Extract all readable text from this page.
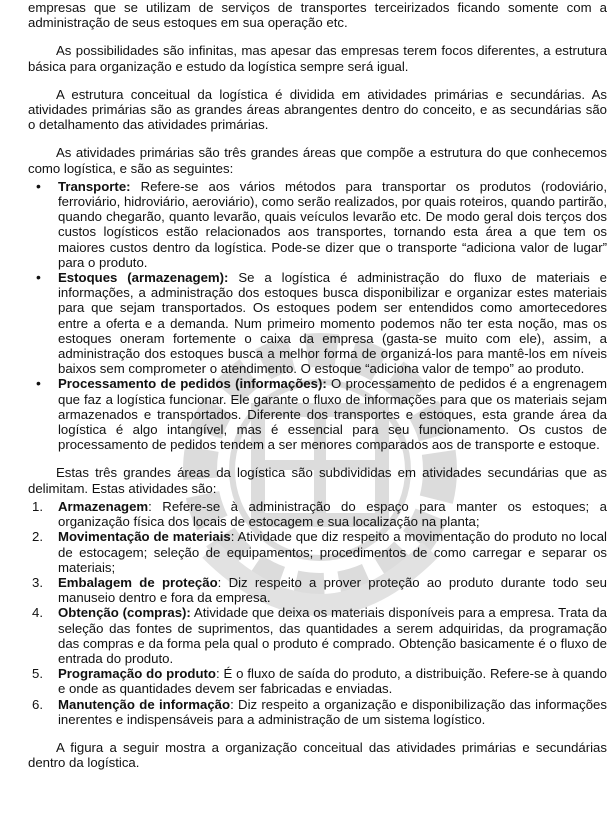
empresas que se utilizam de serviços de transportes terceirizados ficando somente com a administração de seus estoques em sua operação etc.

As possibilidades são infinitas, mas apesar das empresas terem focos diferentes, a estrutura básica para organização e estudo da logística sempre será igual.

A estrutura conceitual da logística é dividida em atividades primárias e secundárias. As atividades primárias são as grandes áreas abrangentes dentro do conceito, e as secundárias são o detalhamento das atividades primárias.

As atividades primárias são três grandes áreas que compõe a estrutura do que conhecemos como logística, e são as seguintes:

• Transporte: Refere-se aos vários métodos para transportar os produtos (rodoviário, ferroviário, hidroviário, aeroviário), como serão realizados, por quais roteiros, quando partirão, quando chegarão, quanto levarão, quais veículos levarão etc. De modo geral dois terços dos custos logísticos estão relacionados aos transportes, tornando esta área a que tem os maiores custos dentro da logística. Pode-se dizer que o transporte “adiciona valor de lugar” para o produto.
• Estoques (armazenagem): Se a logística é administração do fluxo de materiais e informações, a administração dos estoques busca disponibilizar e organizar estes materiais para que sejam transportados. Os estoques podem ser entendidos como amortecedores entre a oferta e a demanda. Num primeiro momento podemos não ter esta noção, mas os estoques oneram fortemente o caixa da empresa (gasta-se muito com ele), assim, a administração dos estoques busca a melhor forma de organizá-los para mantê-los em níveis baixos sem comprometer o atendimento. O estoque “adiciona valor de tempo” ao produto.
• Processamento de pedidos (informações): O processamento de pedidos é a engrenagem que faz a logística funcionar. Ele garante o fluxo de informações para que os materiais sejam armazenados e transportados. Diferente dos transportes e estoques, esta grande área da logística é algo intangível, mas é essencial para seu funcionamento. Os custos de processamento de pedidos tendem a ser menores comparados aos de transporte e estoque.

Estas três grandes áreas da logística são subdivididas em atividades secundárias que as delimitam. Estas atividades são:

1. Armazenagem: Refere-se à administração do espaço para manter os estoques; a organização física dos locais de estocagem e sua localização na planta;
2. Movimentação de materiais: Atividade que diz respeito a movimentação do produto no local de estocagem; seleção de equipamentos; procedimentos de como carregar e separar os materiais;
3. Embalagem de proteção: Diz respeito a prover proteção ao produto durante todo seu manuseio dentro e fora da empresa.
4. Obtenção (compras): Atividade que deixa os materiais disponíveis para a empresa. Trata da seleção das fontes de suprimentos, das quantidades a serem adquiridas, da programação das compras e da forma pela qual o produto é comprado. Obtenção basicamente é o fluxo de entrada do produto.
5. Programação do produto: É o fluxo de saída do produto, a distribuição. Refere-se à quando e onde as quantidades devem ser fabricadas e enviadas.
6. Manutenção de informação: Diz respeito a organização e disponibilização das informações inerentes e indispensáveis para a administração de um sistema logístico.

A figura a seguir mostra a organização conceitual das atividades primárias e secundárias dentro da logística.
